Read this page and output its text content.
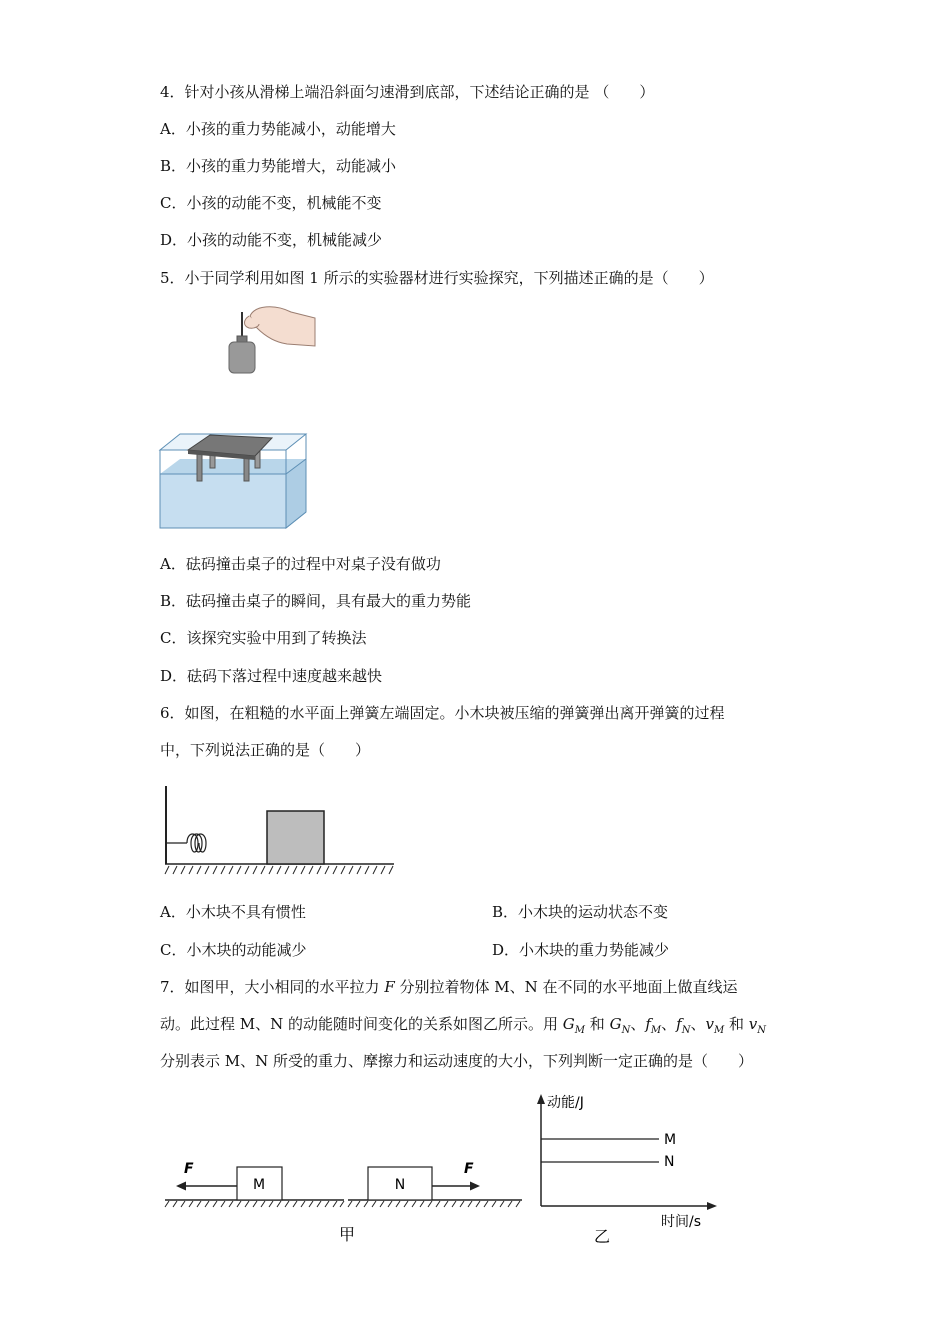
4．针对小孩从滑梯上端沿斜面匀速滑到底部，下述结论正确的是 （　　）
A．小孩的重力势能减小，动能增大
B．小孩的重力势能增大，动能减小
C．小孩的动能不变，机械能不变
D．小孩的动能不变，机械能减少
5．小于同学利用如图 1 所示的实验器材进行实验探究，下列描述正确的是（　　）
A．砝码撞击桌子的过程中对桌子没有做功
B．砝码撞击桌子的瞬间，具有最大的重力势能
C．该探究实验中用到了转换法
D．砝码下落过程中速度越来越快
6．如图，在粗糙的水平面上弹簧左端固定。小木块被压缩的弹簧弹出离开弹簧的过程
中，下列说法正确的是（　　）
A．小木块不具有惯性	B．小木块的运动状态不变
C．小木块的动能减少	D．小木块的重力势能减少
7．如图甲，大小相同的水平拉力 F 分别拉着物体 M、N 在不同的水平地面上做直线运
动。此过程 M、N 的动能随时间变化的关系如图乙所示。用 $G_M$ 和 $G_N$、$f_M$、$f_N$、$v_M$ 和 $v_N$
分别表示 M、N 所受的重力、摩擦力和运动速度的大小，下列判断一定正确的是（　　）
M
F
N
F
甲
M
N
动能/J
时间/s
乙
